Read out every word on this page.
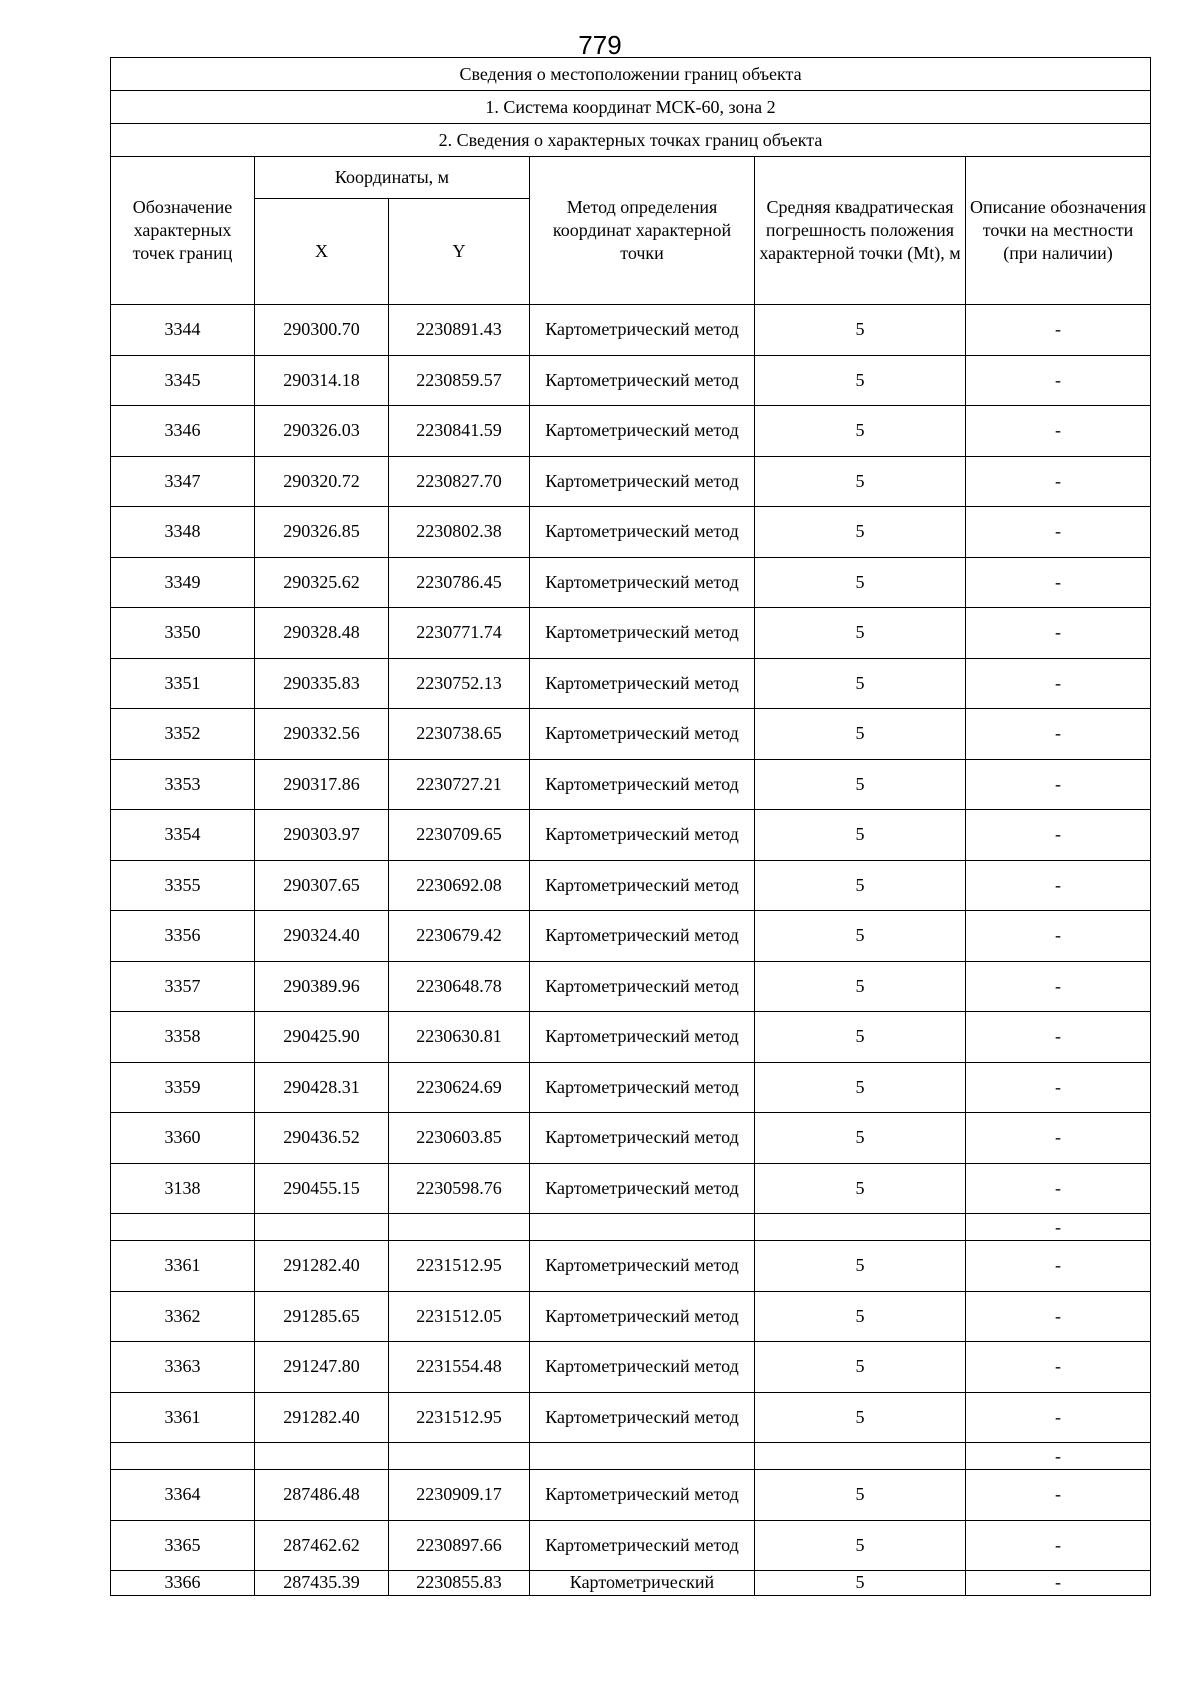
779
Сведения о местоположении границ объекта					
1. Система координат МСК-60, зона 2					
2. Сведения о характерных точках границ объекта					
Обозначение характерных точек границ	Координаты, м		Метод определения координат характерной точки	Средняя квадратическая погрешность положения характерной точки (Mt), м	Описание обозначения точки на местности (при наличии)
	X	Y			
3344	290300.70	2230891.43	Картометрический метод	5	-
3345	290314.18	2230859.57	Картометрический метод	5	-
3346	290326.03	2230841.59	Картометрический метод	5	-
3347	290320.72	2230827.70	Картометрический метод	5	-
3348	290326.85	2230802.38	Картометрический метод	5	-
3349	290325.62	2230786.45	Картометрический метод	5	-
3350	290328.48	2230771.74	Картометрический метод	5	-
3351	290335.83	2230752.13	Картометрический метод	5	-
3352	290332.56	2230738.65	Картометрический метод	5	-
3353	290317.86	2230727.21	Картометрический метод	5	-
3354	290303.97	2230709.65	Картометрический метод	5	-
3355	290307.65	2230692.08	Картометрический метод	5	-
3356	290324.40	2230679.42	Картометрический метод	5	-
3357	290389.96	2230648.78	Картометрический метод	5	-
3358	290425.90	2230630.81	Картометрический метод	5	-
3359	290428.31	2230624.69	Картометрический метод	5	-
3360	290436.52	2230603.85	Картометрический метод	5	-
3138	290455.15	2230598.76	Картометрический метод	5	-
					-
3361	291282.40	2231512.95	Картометрический метод	5	-
3362	291285.65	2231512.05	Картометрический метод	5	-
3363	291247.80	2231554.48	Картометрический метод	5	-
3361	291282.40	2231512.95	Картометрический метод	5	-
					-
3364	287486.48	2230909.17	Картометрический метод	5	-
3365	287462.62	2230897.66	Картометрический метод	5	-
3366	287435.39	2230855.83	Картометрический	5	-
